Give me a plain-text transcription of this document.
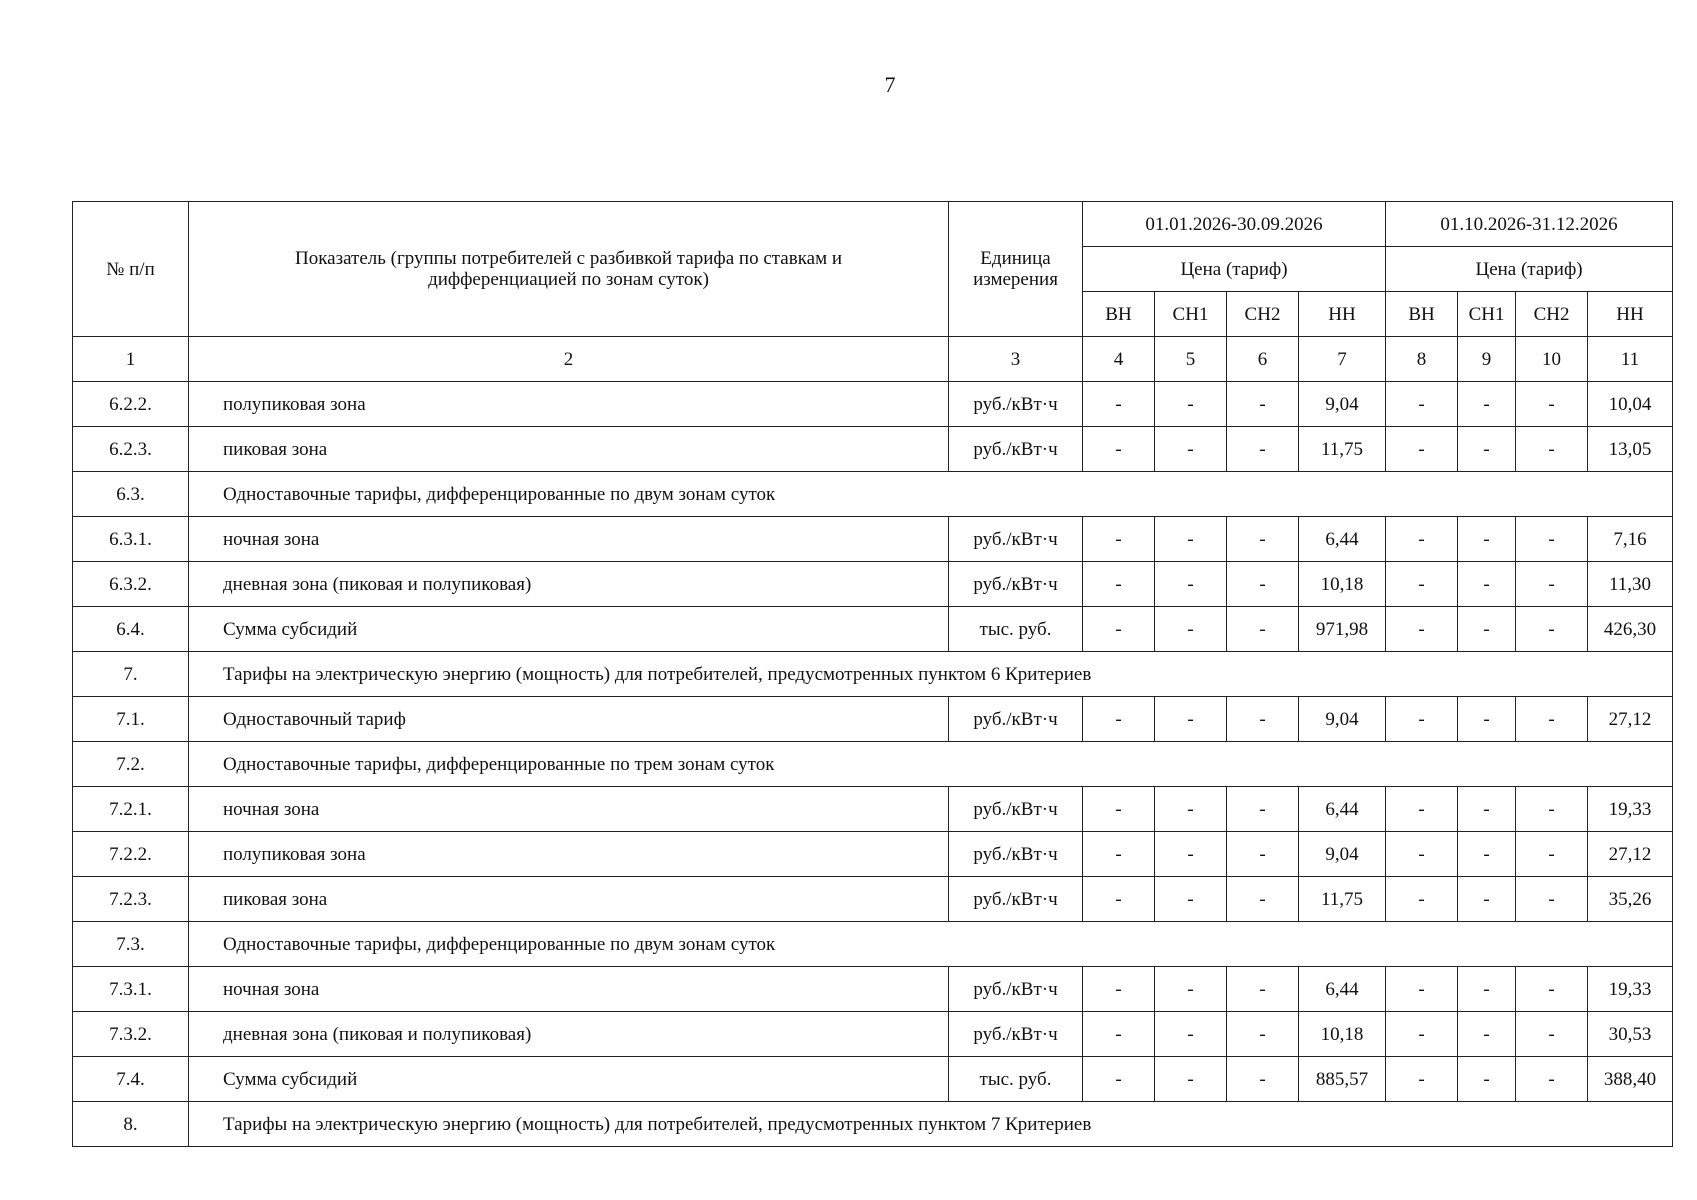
7
№ п/п	Показатель (группы потребителей с разбивкой тарифа по ставкам и дифференциацией по зонам суток)	Единица измерения	01.01.2026-30.09.2026				01.10.2026-31.12.2026			
			Цена (тариф)				Цена (тариф)			
			ВН	СН1	СН2	НН	ВН	СН1	СН2	НН
1	2	3	4	5	6	7	8	9	10	11
6.2.2.	полупиковая зона	руб./кВт·ч	-	-	-	9,04	-	-	-	10,04
6.2.3.	пиковая зона	руб./кВт·ч	-	-	-	11,75	-	-	-	13,05
6.3.	Одноставочные тарифы, дифференцированные по двум зонам суток									
6.3.1.	ночная зона	руб./кВт·ч	-	-	-	6,44	-	-	-	7,16
6.3.2.	дневная зона (пиковая и полупиковая)	руб./кВт·ч	-	-	-	10,18	-	-	-	11,30
6.4.	Сумма субсидий	тыс. руб.	-	-	-	971,98	-	-	-	426,30
7.	Тарифы на электрическую энергию (мощность) для потребителей, предусмотренных пунктом 6 Критериев									
7.1.	Одноставочный тариф	руб./кВт·ч	-	-	-	9,04	-	-	-	27,12
7.2.	Одноставочные тарифы, дифференцированные по трем зонам суток									
7.2.1.	ночная зона	руб./кВт·ч	-	-	-	6,44	-	-	-	19,33
7.2.2.	полупиковая зона	руб./кВт·ч	-	-	-	9,04	-	-	-	27,12
7.2.3.	пиковая зона	руб./кВт·ч	-	-	-	11,75	-	-	-	35,26
7.3.	Одноставочные тарифы, дифференцированные по двум зонам суток									
7.3.1.	ночная зона	руб./кВт·ч	-	-	-	6,44	-	-	-	19,33
7.3.2.	дневная зона (пиковая и полупиковая)	руб./кВт·ч	-	-	-	10,18	-	-	-	30,53
7.4.	Сумма субсидий	тыс. руб.	-	-	-	885,57	-	-	-	388,40
8.	Тарифы на электрическую энергию (мощность) для потребителей, предусмотренных пунктом 7 Критериев									
